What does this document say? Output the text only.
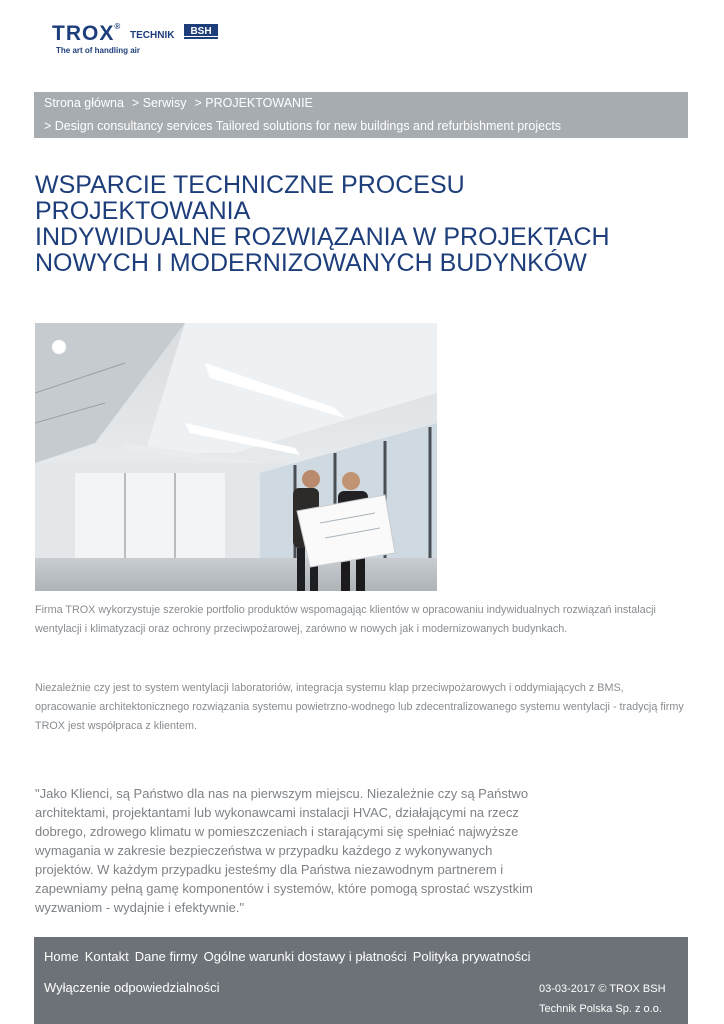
TROX®
TECHNIK BSH
The art of handling air
Strona główna > Serwisy > PROJEKTOWANIE
> Design consultancy services Tailored solutions for new buildings and refurbishment projects
WSPARCIE TECHNICZNE PROCESU
PROJEKTOWANIA
INDYWIDUALNE ROZWIĄZANIA W PROJEKTACH
NOWYCH I MODERNIZOWANYCH BUDYNKÓW

Firma TROX wykorzystuje szerokie portfolio produktów wspomagając klientów w opracowaniu indywidualnych rozwiązań instalacji wentylacji i klimatyzacji oraz ochrony przeciwpożarowej, zarówno w nowych jak i modernizowanych budynkach.

Niezależnie czy jest to system wentylacji laboratoriów, integracja systemu klap przeciwpożarowych i oddymiających z BMS, opracowanie architektonicznego rozwiązania systemu powietrzno-wodnego lub zdecentralizowanego systemu wentylacji - tradycją firmy TROX jest współpraca z klientem.

"Jako Klienci, są Państwo dla nas na pierwszym miejscu. Niezależnie czy są Państwo architektami, projektantami lub wykonawcami instalacji HVAC, działającymi na rzecz dobrego, zdrowego klimatu w pomieszczeniach i starającymi się spełniać najwyższe wymagania w zakresie bezpieczeństwa w przypadku każdego z wykonywanych projektów. W każdym przypadku jesteśmy dla Państwa niezawodnym partnerem i zapewniamy pełną gamę komponentów i systemów, które pomogą sprostać wszystkim wyzwaniom - wydajnie i efektywnie."

Home Kontakt Dane firmy Ogólne warunki dostawy i płatności Polityka prywatności
Wyłączenie odpowiedzialności	03-03-2017 © TROX BSH
Technik Polska Sp. z o.o.
